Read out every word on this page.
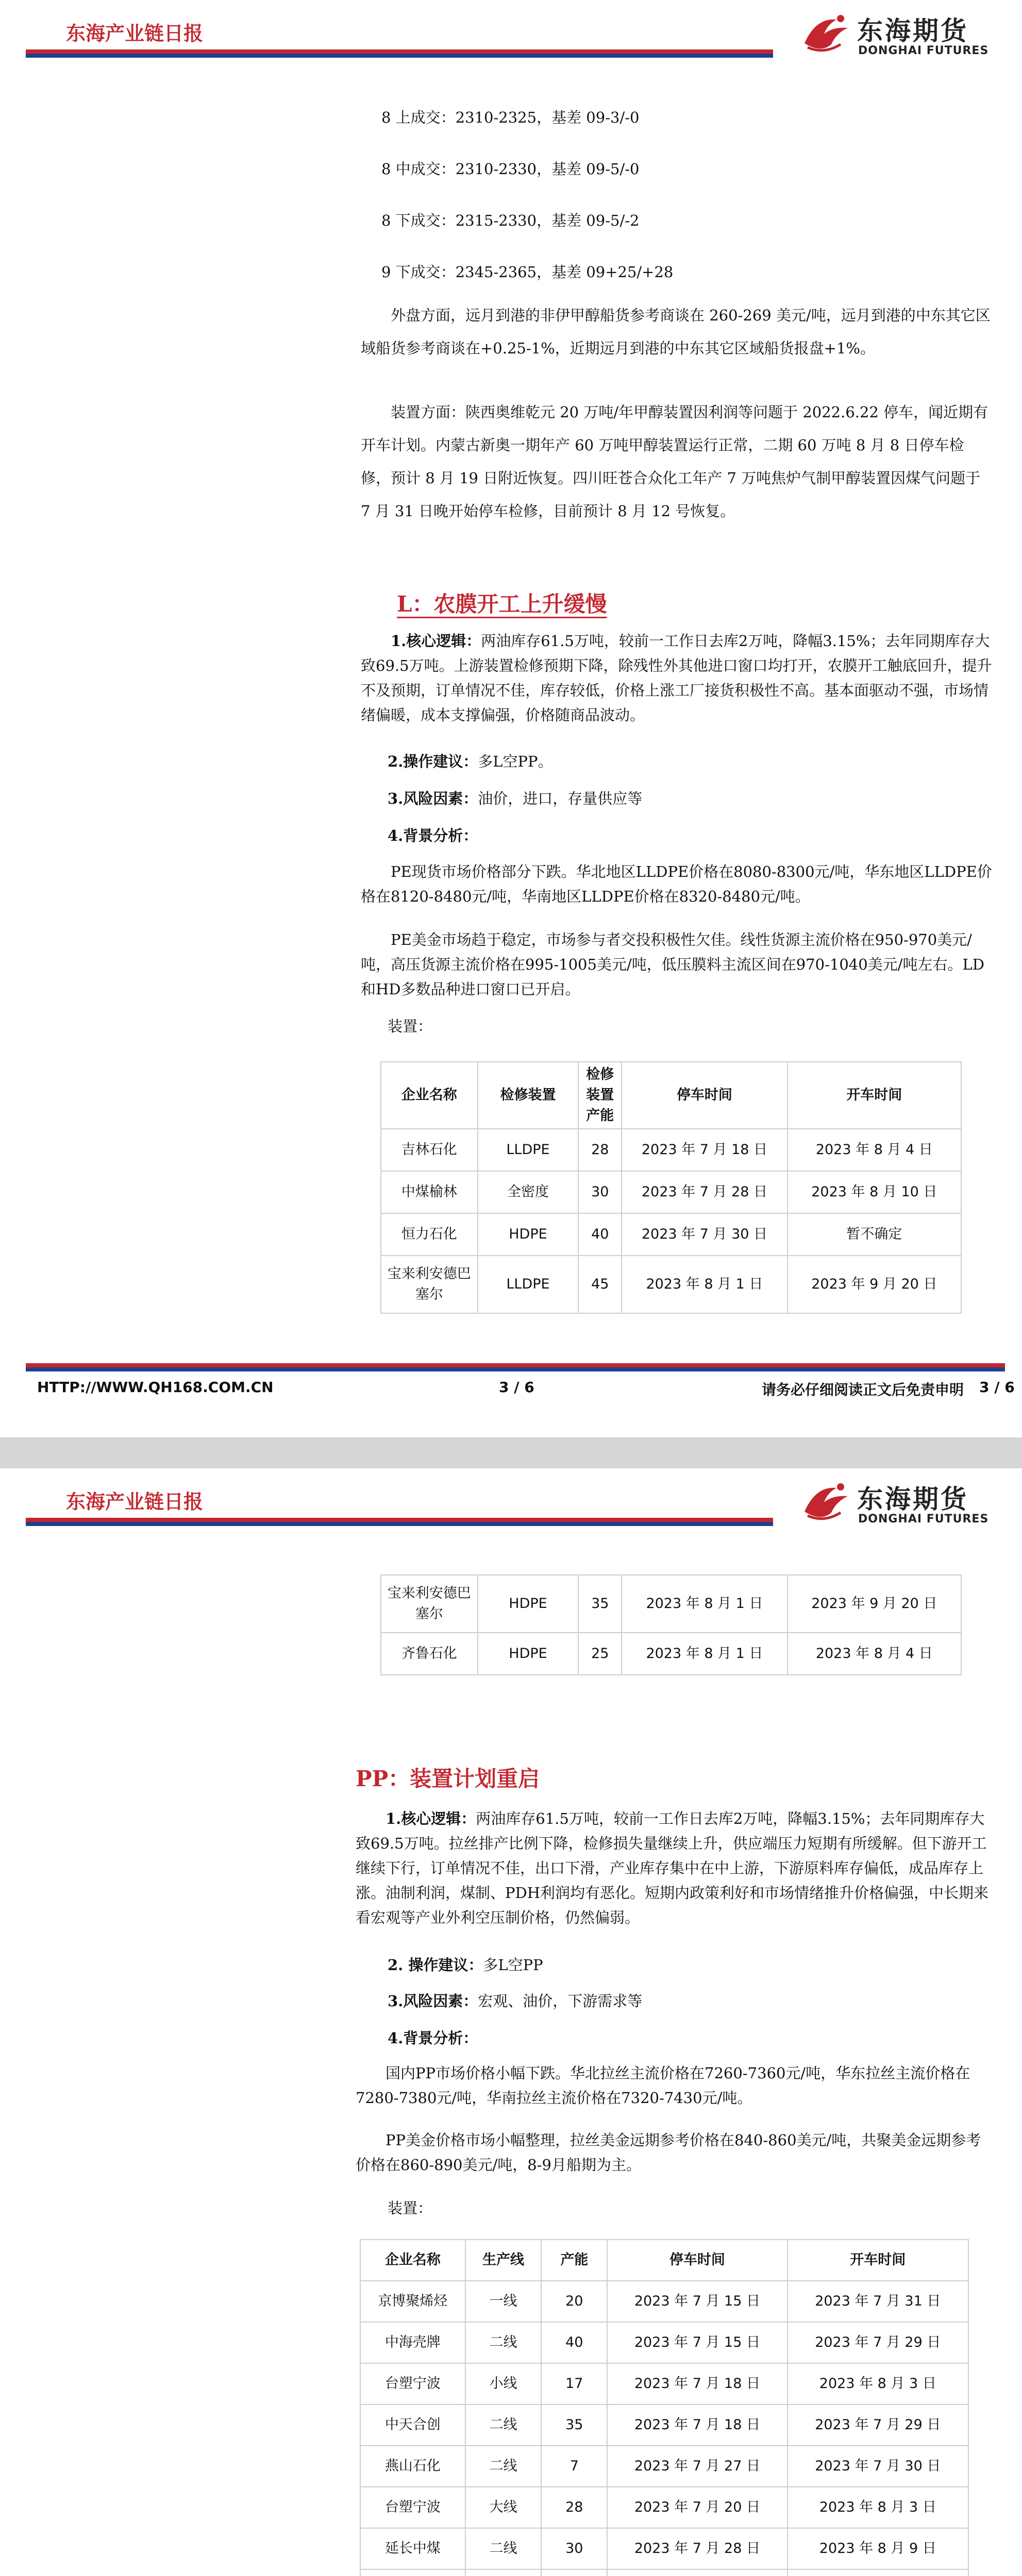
东海产业链日报	东海期货
DONGHAI FUTURES
8 上成交：2310-2325，基差 09-3/-0
8 中成交：2310-2330，基差 09-5/-0
8 下成交：2315-2330，基差 09-5/-2
9 下成交：2345-2365，基差 09+25/+28
外盘方面，远月到港的非伊甲醇船货参考商谈在 260-269 美元/吨，远月到港的中东其它区域船货参考商谈在+0.25-1%，近期远月到港的中东其它区域船货报盘+1%。
装置方面：陕西奥维乾元 20 万吨/年甲醇装置因利润等问题于 2022.6.22 停车，闻近期有开车计划。内蒙古新奥一期年产 60 万吨甲醇装置运行正常，二期 60 万吨 8 月 8 日停车检修，预计 8 月 19 日附近恢复。四川旺苍合众化工年产 7 万吨焦炉气制甲醇装置因煤气问题于 7 月 31 日晚开始停车检修，目前预计 8 月 12 号恢复。
L：农膜开工上升缓慢
1.核心逻辑：两油库存61.5万吨，较前一工作日去库2万吨，降幅3.15%；去年同期库存大致69.5万吨。上游装置检修预期下降，除残性外其他进口窗口均打开，农膜开工触底回升，提升不及预期，订单情况不佳，库存较低，价格上涨工厂接货积极性不高。基本面驱动不强，市场情绪偏暖，成本支撑偏强，价格随商品波动。
2.操作建议：多L空PP。
3.风险因素：油价，进口，存量供应等
4.背景分析：
PE现货市场价格部分下跌。华北地区LLDPE价格在8080-8300元/吨，华东地区LLDPE价格在8120-8480元/吨，华南地区LLDPE价格在8320-8480元/吨。
PE美金市场趋于稳定，市场参与者交投积极性欠佳。线性货源主流价格在950-970美元/吨，高压货源主流价格在995-1005美元/吨，低压膜料主流区间在970-1040美元/吨左右。LD和HD多数品种进口窗口已开启。
装置：
企业名称	检修装置	检修装置产能	停车时间	开车时间
吉林石化	LLDPE	28	2023 年 7 月 18 日	2023 年 8 月 4 日
中煤榆林	全密度	30	2023 年 7 月 28 日	2023 年 8 月 10 日
恒力石化	HDPE	40	2023 年 7 月 30 日	暂不确定
宝来利安德巴塞尔	LLDPE	45	2023 年 8 月 1 日	2023 年 9 月 20 日
HTTP://WWW.QH168.COM.CN	3 / 6	请务必仔细阅读正文后免责申明 3 / 6
东海产业链日报	东海期货
DONGHAI FUTURES
宝来利安德巴塞尔	HDPE	35	2023 年 8 月 1 日	2023 年 9 月 20 日
齐鲁石化	HDPE	25	2023 年 8 月 1 日	2023 年 8 月 4 日
PP：装置计划重启
1.核心逻辑：两油库存61.5万吨，较前一工作日去库2万吨，降幅3.15%；去年同期库存大致69.5万吨。拉丝排产比例下降，检修损失量继续上升，供应端压力短期有所缓解。但下游开工继续下行，订单情况不佳，出口下滑，产业库存集中在中上游，下游原料库存偏低，成品库存上涨。油制利润，煤制、PDH利润均有恶化。短期内政策利好和市场情绪推升价格偏强，中长期来看宏观等产业外利空压制价格，仍然偏弱。
2. 操作建议：多L空PP
3.风险因素：宏观、油价，下游需求等
4.背景分析：
国内PP市场价格小幅下跌。华北拉丝主流价格在7260-7360元/吨，华东拉丝主流价格在7280-7380元/吨，华南拉丝主流价格在7320-7430元/吨。
PP美金价格市场小幅整理，拉丝美金远期参考价格在840-860美元/吨，共聚美金远期参考价格在860-890美元/吨，8-9月船期为主。
装置：
企业名称	生产线	产能	停车时间	开车时间
京博聚烯烃	一线	20	2023 年 7 月 15 日	2023 年 7 月 31 日
中海壳牌	二线	40	2023 年 7 月 15 日	2023 年 7 月 29 日
台塑宁波	小线	17	2023 年 7 月 18 日	2023 年 8 月 3 日
中天合创	二线	35	2023 年 7 月 18 日	2023 年 7 月 29 日
燕山石化	二线	7	2023 年 7 月 27 日	2023 年 7 月 30 日
台塑宁波	大线	28	2023 年 7 月 20 日	2023 年 8 月 3 日
延长中煤	二线	30	2023 年 7 月 28 日	2023 年 8 月 9 日
